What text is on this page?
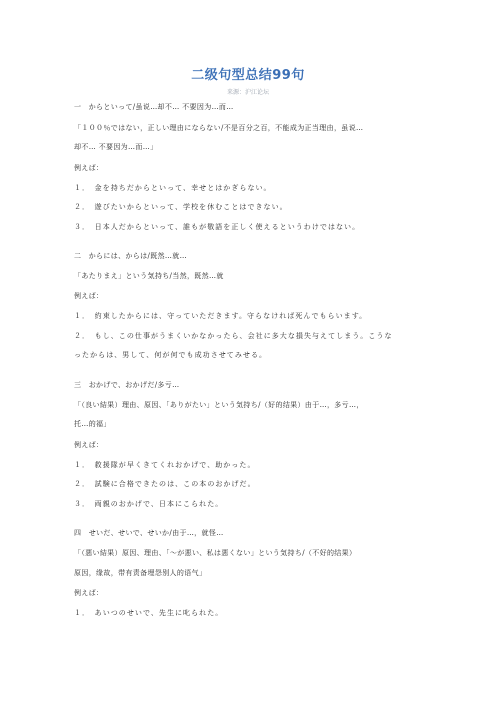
二级句型总结99句
来源：沪江论坛
一　からといって/虽说…却不… 不要因为…而…
「１００％ではない，正しい理由にならない/不是百分之百，不能成为正当理由，虽说…
却不… 不要因为…而…」
例えば：
１．　金を持ちだからといって、幸せとはかぎらない。
２．　遊びたいからといって、学校を休むことはできない。
３．　日本人だからといって、誰もが敬語を正しく使えるというわけではない。
二　からには、からは/既然…就…
「あたりまえ」という気持ち/当然，既然…就
例えば：
１．　約束したからには、守っていただきます。守らなければ死んでもらいます。
２．　もし、この仕事がうまくいかなかったら、会社に多大な損失与えてしまう。こうな
ったからは、男して、何が何でも成功させてみせる。
三　おかげで、おかげだ/多亏…
「（良い結果）理由、原因、「ありがたい」という気持ち/（好的结果）由于…，多亏…，
托…的福」
例えば：
１．　救援隊が早くきてくれおかげで、助かった。
２．　試験に合格できたのは、この本のおかげだ。
３．　両親のおかげで、日本にこられた。
四　せいだ、せいで、せいか/由于…，就怪…
「（悪い結果）原因、理由、「～が悪い、私は悪くない」という気持ち/（不好的结果）
原因，缘故，带有责备埋怨别人的语气」
例えば：
１．　あいつのせいで、先生に叱られた。
